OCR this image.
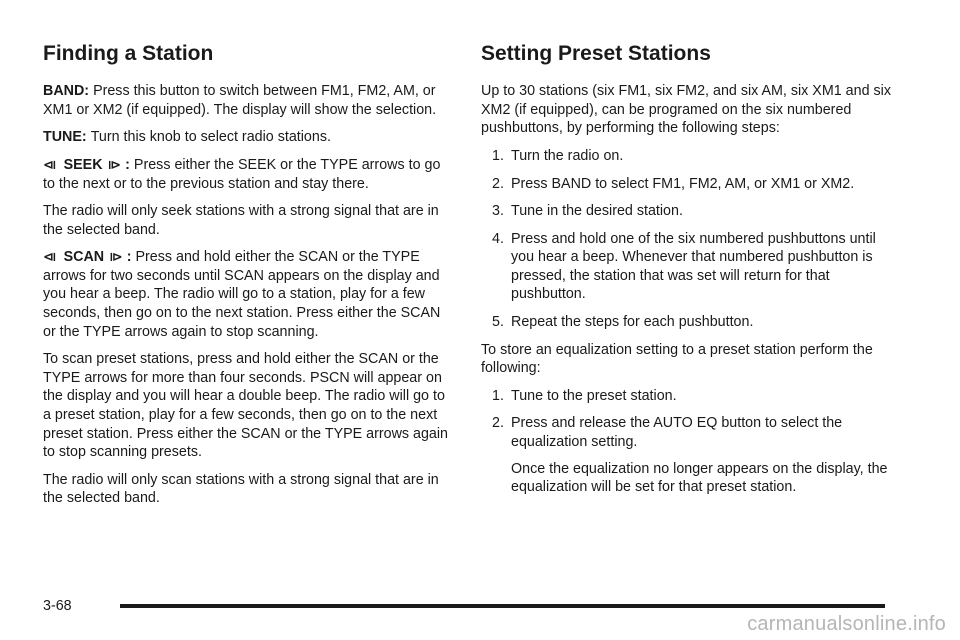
Finding a Station

BAND: Press this button to switch between FM1, FM2, AM, or XM1 or XM2 (if equipped). The display will show the selection.

TUNE: Turn this knob to select radio stations.

⧏ SEEK ⧐ : Press either the SEEK or the TYPE arrows to go to the next or to the previous station and stay there.

The radio will only seek stations with a strong signal that are in the selected band.

⧏ SCAN ⧐ : Press and hold either the SCAN or the TYPE arrows for two seconds until SCAN appears on the display and you hear a beep. The radio will go to a station, play for a few seconds, then go on to the next station. Press either the SCAN or the TYPE arrows again to stop scanning.

To scan preset stations, press and hold either the SCAN or the TYPE arrows for more than four seconds. PSCN will appear on the display and you will hear a double beep. The radio will go to a preset station, play for a few seconds, then go on to the next preset station. Press either the SCAN or the TYPE arrows again to stop scanning presets.

The radio will only scan stations with a strong signal that are in the selected band.

Setting Preset Stations

Up to 30 stations (six FM1, six FM2, and six AM, six XM1 and six XM2 (if equipped), can be programed on the six numbered pushbuttons, by performing the following steps:

1. Turn the radio on.
2. Press BAND to select FM1, FM2, AM, or XM1 or XM2.
3. Tune in the desired station.
4. Press and hold one of the six numbered pushbuttons until you hear a beep. Whenever that numbered pushbutton is pressed, the station that was set will return for that pushbutton.
5. Repeat the steps for each pushbutton.

To store an equalization setting to a preset station perform the following:

1. Tune to the preset station.
2. Press and release the AUTO EQ button to select the equalization setting.
Once the equalization no longer appears on the display, the equalization will be set for that preset station.
3-68
carmanualsonline.info
